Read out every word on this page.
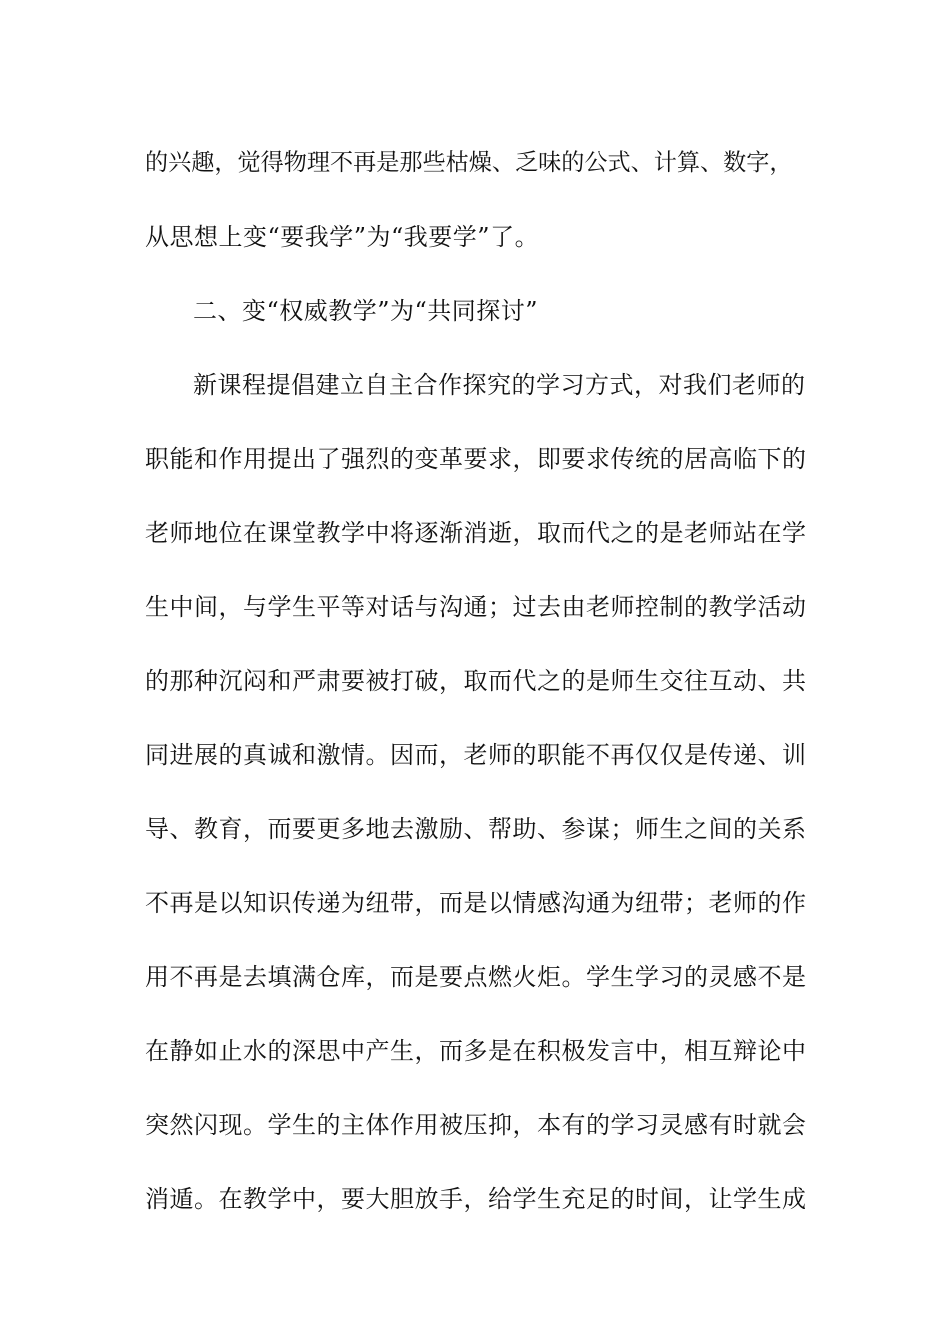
的兴趣，觉得物理不再是那些枯燥、乏味的公式、计算、数字，
从思想上变“要我学”为“我要学”了。
二、变“权威教学”为“共同探讨”
新课程提倡建立自主合作探究的学习方式，对我们老师的
职能和作用提出了强烈的变革要求，即要求传统的居高临下的
老师地位在课堂教学中将逐渐消逝，取而代之的是老师站在学
生中间，与学生平等对话与沟通；过去由老师控制的教学活动
的那种沉闷和严肃要被打破，取而代之的是师生交往互动、共
同进展的真诚和激情。因而，老师的职能不再仅仅是传递、训
导、教育，而要更多地去激励、帮助、参谋；师生之间的关系
不再是以知识传递为纽带，而是以情感沟通为纽带；老师的作
用不再是去填满仓库，而是要点燃火炬。学生学习的灵感不是
在静如止水的深思中产生，而多是在积极发言中，相互辩论中
突然闪现。学生的主体作用被压抑，本有的学习灵感有时就会
消遁。在教学中，要大胆放手，给学生充足的时间，让学生成
